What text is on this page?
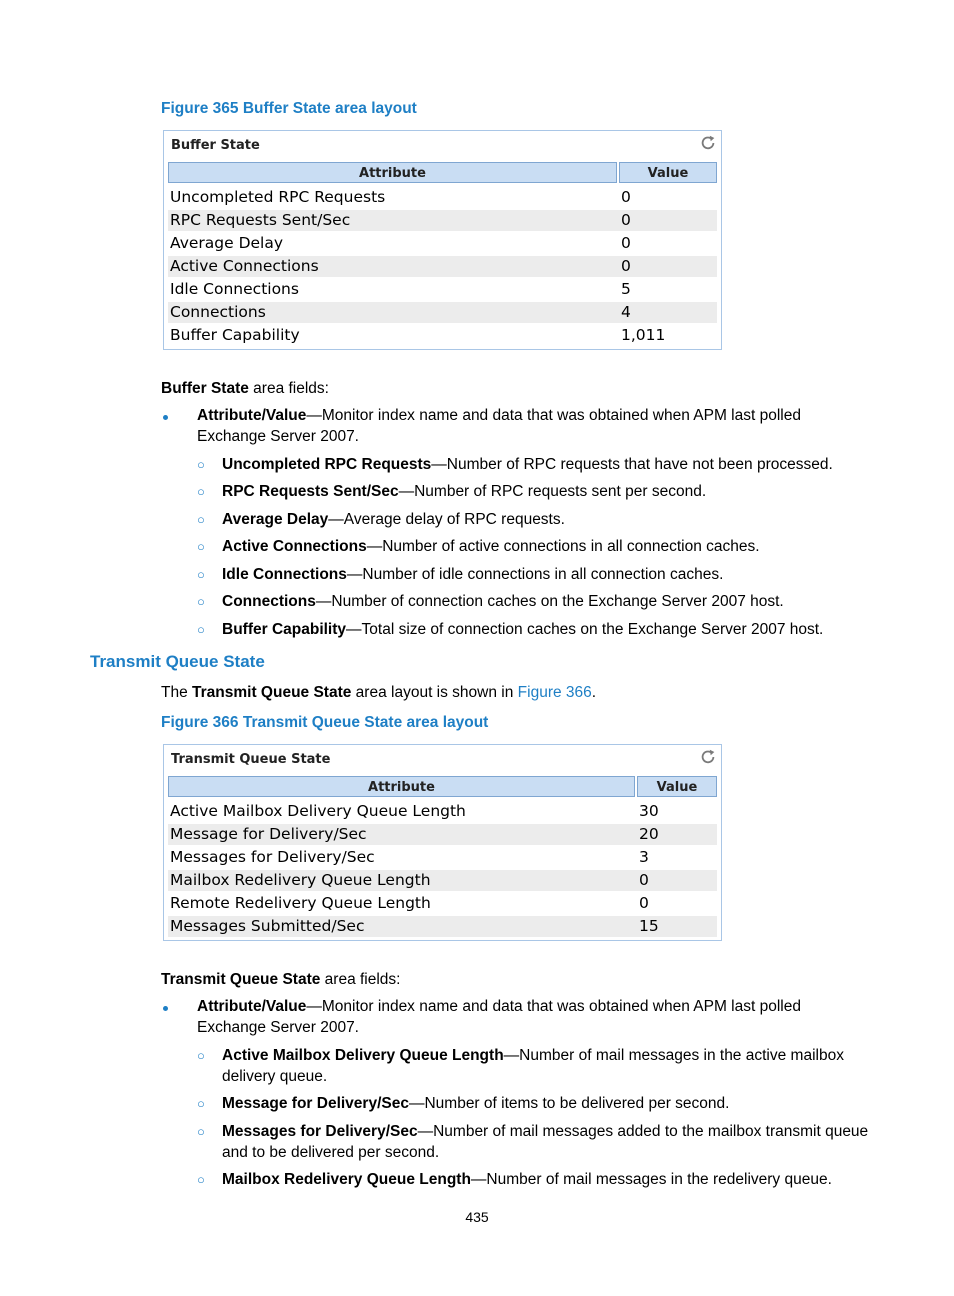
Figure 365 Buffer State area layout
Buffer State
Attribute	Value
Uncompleted RPC Requests	0
RPC Requests Sent/Sec	0
Average Delay	0
Active Connections	0
Idle Connections	5
Connections	4
Buffer Capability	1,011
Buffer State area fields:
Attribute/Value—Monitor index name and data that was obtained when APM last polled
Exchange Server 2007.
○ Uncompleted RPC Requests—Number of RPC requests that have not been processed.
○ RPC Requests Sent/Sec—Number of RPC requests sent per second.
○ Average Delay—Average delay of RPC requests.
○ Active Connections—Number of active connections in all connection caches.
○ Idle Connections—Number of idle connections in all connection caches.
○ Connections—Number of connection caches on the Exchange Server 2007 host.
○ Buffer Capability—Total size of connection caches on the Exchange Server 2007 host.
Transmit Queue State
The Transmit Queue State area layout is shown in Figure 366.
Figure 366 Transmit Queue State area layout
Transmit Queue State
Attribute	Value
Active Mailbox Delivery Queue Length	30
Message for Delivery/Sec	20
Messages for Delivery/Sec	3
Mailbox Redelivery Queue Length	0
Remote Redelivery Queue Length	0
Messages Submitted/Sec	15
Transmit Queue State area fields:
Attribute/Value—Monitor index name and data that was obtained when APM last polled
Exchange Server 2007.
○ Active Mailbox Delivery Queue Length—Number of mail messages in the active mailbox
delivery queue.
○ Message for Delivery/Sec—Number of items to be delivered per second.
○ Messages for Delivery/Sec—Number of mail messages added to the mailbox transmit queue
and to be delivered per second.
○ Mailbox Redelivery Queue Length—Number of mail messages in the redelivery queue.
435
